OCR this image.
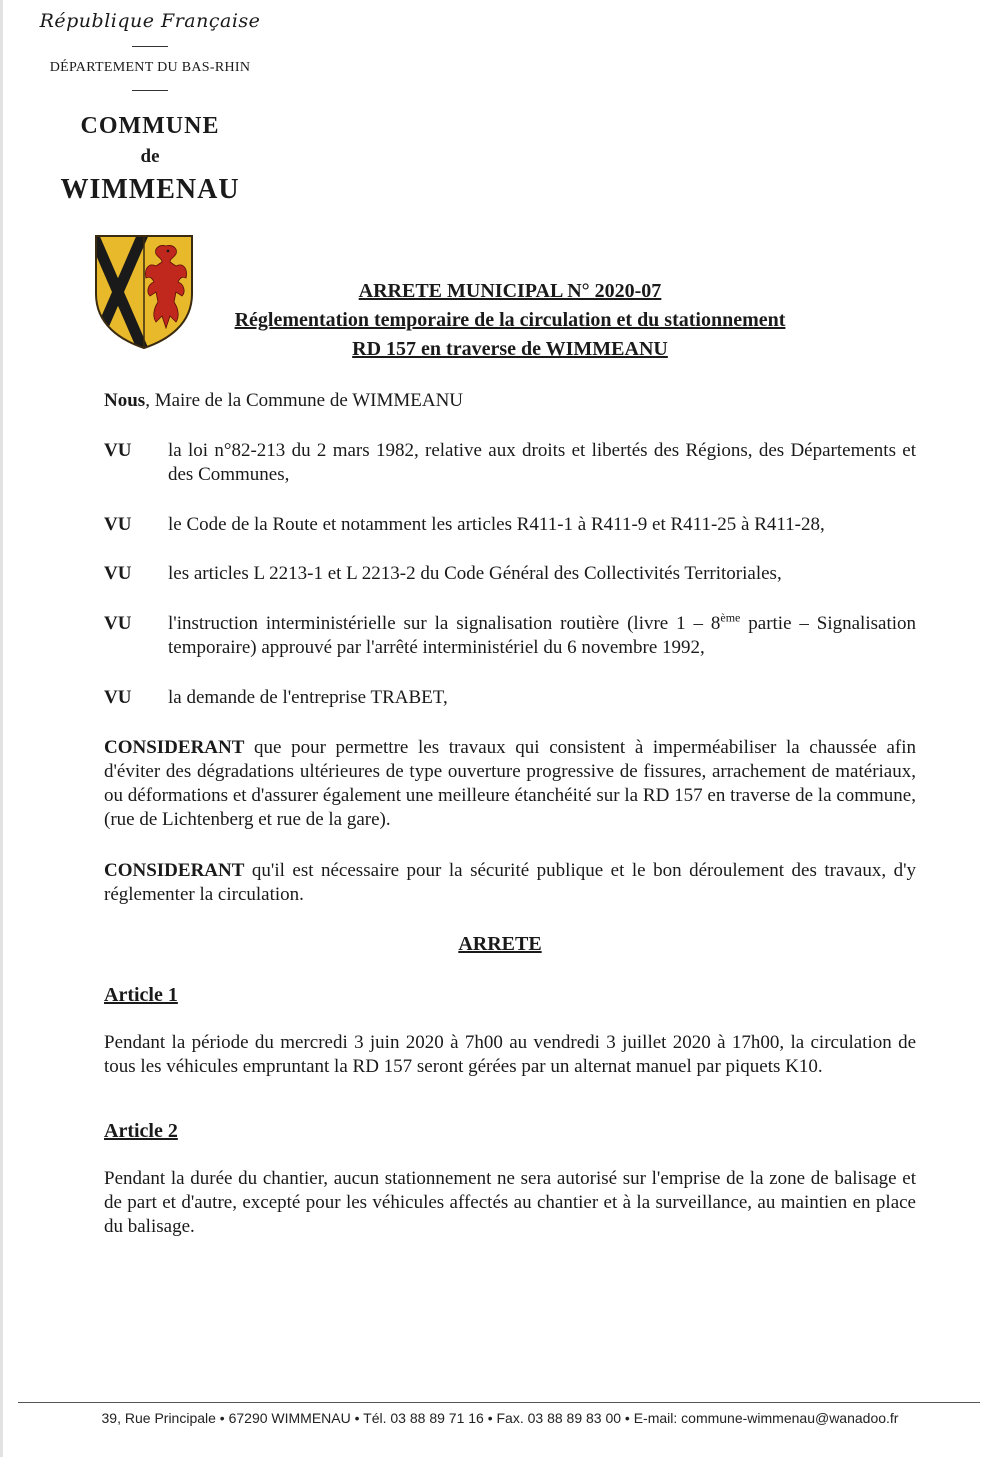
République Française
DÉPARTEMENT DU BAS-RHIN
COMMUNE
de
WIMMENAU
ARRETE MUNICIPAL N° 2020-07
Réglementation temporaire de la circulation et du stationnement
RD 157 en traverse de WIMMEANU
Nous, Maire de la Commune de WIMMEANU
VU la loi n°82-213 du 2 mars 1982, relative aux droits et libertés des Régions, des Départements et des Communes,
VU le Code de la Route et notamment les articles R411-1 à R411-9 et R411-25 à R411-28,
VU les articles L 2213-1 et L 2213-2 du Code Général des Collectivités Territoriales,
VU l'instruction interministérielle sur la signalisation routière (livre 1 – 8ème partie – Signalisation temporaire) approuvé par l'arrêté interministériel du 6 novembre 1992,
VU la demande de l'entreprise TRABET,
CONSIDERANT que pour permettre les travaux qui consistent à imperméabiliser la chaussée afin d'éviter des dégradations ultérieures de type ouverture progressive de fissures, arrachement de matériaux, ou déformations et d'assurer également une meilleure étanchéité sur la RD 157 en traverse de la commune, (rue de Lichtenberg et rue de la gare).
CONSIDERANT qu'il est nécessaire pour la sécurité publique et le bon déroulement des travaux, d'y réglementer la circulation.
ARRETE
Article 1
Pendant la période du mercredi 3 juin 2020 à 7h00 au vendredi 3 juillet 2020 à 17h00, la circulation de tous les véhicules empruntant la RD 157 seront gérées par un alternat manuel par piquets K10.
Article 2
Pendant la durée du chantier, aucun stationnement ne sera autorisé sur l'emprise de la zone de balisage et de part et d'autre, excepté pour les véhicules affectés au chantier et à la surveillance, au maintien en place du balisage.
39, Rue Principale • 67290 WIMMENAU • Tél. 03 88 89 71 16 • Fax. 03 88 89 83 00 • E-mail: commune-wimmenau@wanadoo.fr
